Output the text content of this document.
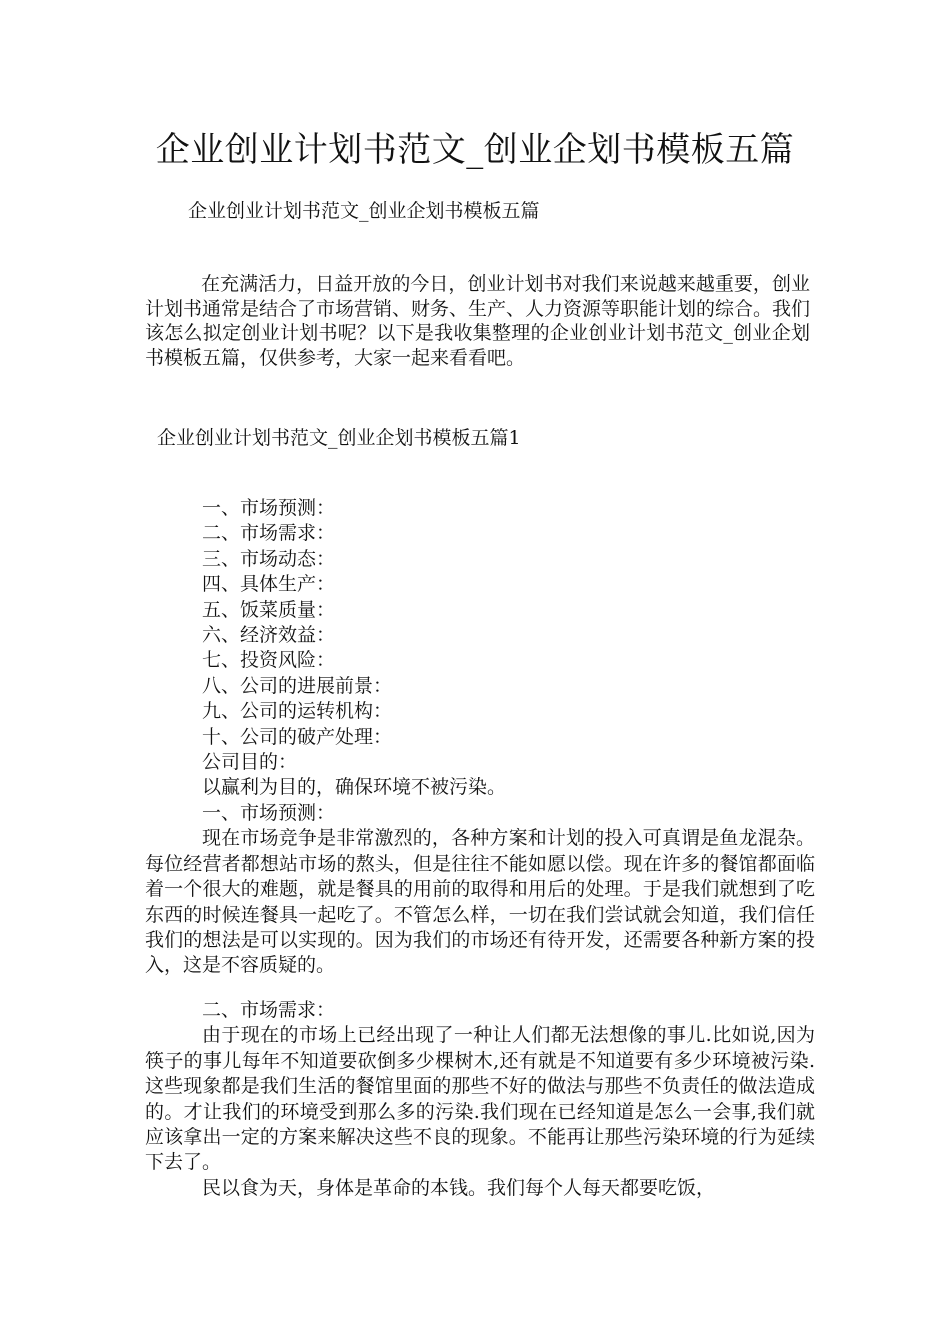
企业创业计划书范文_创业企划书模板五篇
企业创业计划书范文_创业企划书模板五篇

在充满活力，日益开放的今日，创业计划书对我们来说越来越重要，创业计划书通常是结合了市场营销、财务、生产、人力资源等职能计划的综合。我们该怎么拟定创业计划书呢？以下是我收集整理的企业创业计划书范文_创业企划书模板五篇，仅供参考，大家一起来看看吧。

企业创业计划书范文_创业企划书模板五篇1
一、市场预测：
二、市场需求：
三、市场动态：
四、具体生产：
五、饭菜质量：
六、经济效益：
七、投资风险：
八、公司的进展前景：
九、公司的运转机构：
十、公司的破产处理：
公司目的：
以赢利为目的，确保环境不被污染。

一、市场预测：

现在市场竞争是非常激烈的，各种方案和计划的投入可真谓是鱼龙混杂。每位经营者都想站市场的熬头，但是往往不能如愿以偿。现在许多的餐馆都面临着一个很大的难题，就是餐具的用前的取得和用后的处理。于是我们就想到了吃东西的时候连餐具一起吃了。不管怎么样，一切在我们尝试就会知道，我们信任我们的想法是可以实现的。因为我们的市场还有待开发，还需要各种新方案的投入，这是不容质疑的。

二、市场需求：

由于现在的市场上已经出现了一种让人们都无法想像的事儿.比如说,因为筷子的事儿每年不知道要砍倒多少棵树木,还有就是不知道要有多少环境被污染.这些现象都是我们生活的餐馆里面的那些不好的做法与那些不负责任的做法造成的。才让我们的环境受到那么多的污染.我们现在已经知道是怎么一会事,我们就应该拿出一定的方案来解决这些不良的现象。不能再让那些污染环境的行为延续下去了。

民以食为天，身体是革命的本钱。我们每个人每天都要吃饭，
